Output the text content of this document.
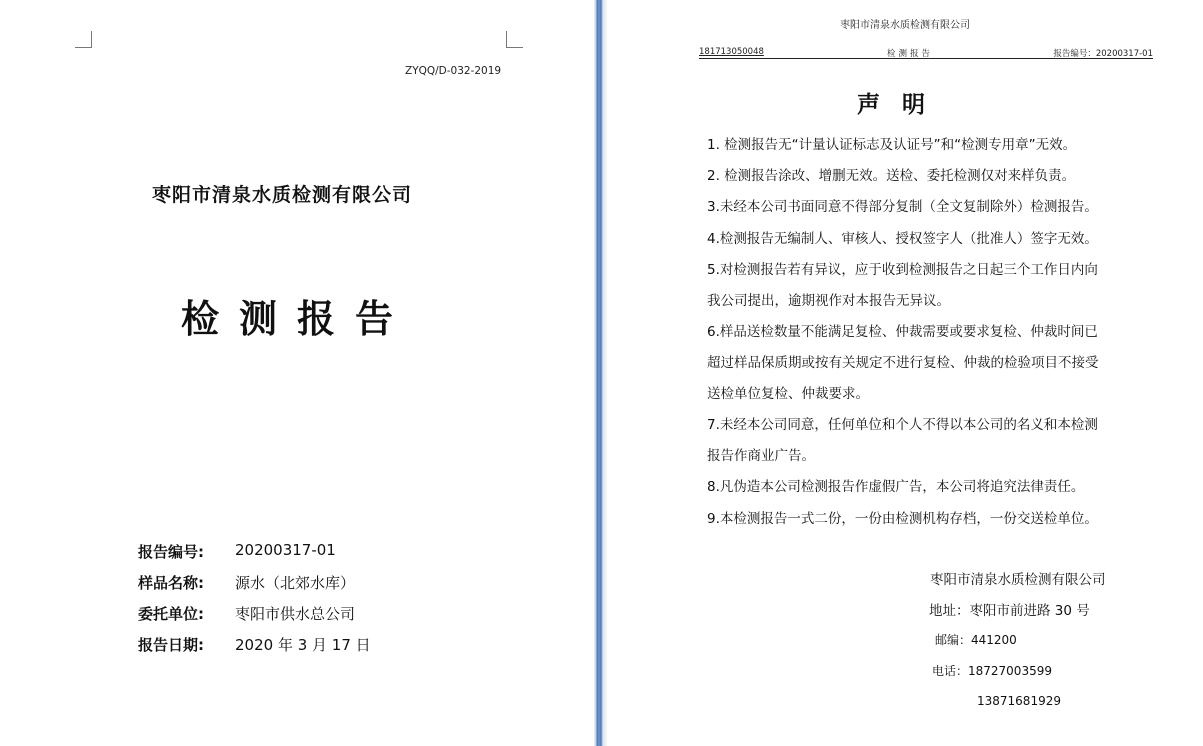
ZYQQ/D-032-2019
枣阳市清泉水质检测有限公司
检测报告
报告编号: 20200317-01
样品名称: 源水（北郊水库）
委托单位: 枣阳市供水总公司
报告日期: 2020 年 3 月 17 日
枣阳市清泉水质检测有限公司
181713050048	检测报告	报告编号：20200317-01
声明
1. 检测报告无“计量认证标志及认证号”和“检测专用章”无效。
2. 检测报告涂改、增删无效。送检、委托检测仅对来样负责。
3.未经本公司书面同意不得部分复制（全文复制除外）检测报告。
4.检测报告无编制人、审核人、授权签字人（批准人）签字无效。
5.对检测报告若有异议，应于收到检测报告之日起三个工作日内向
我公司提出，逾期视作对本报告无异议。
6.样品送检数量不能满足复检、仲裁需要或要求复检、仲裁时间已
超过样品保质期或按有关规定不进行复检、仲裁的检验项目不接受
送检单位复检、仲裁要求。
7.未经本公司同意，任何单位和个人不得以本公司的名义和本检测
报告作商业广告。
8.凡伪造本公司检测报告作虚假广告，本公司将追究法律责任。
9.本检测报告一式二份，一份由检测机构存档，一份交送检单位。
枣阳市清泉水质检测有限公司
地址：枣阳市前进路 30 号
邮编：441200
电话：18727003599
13871681929
